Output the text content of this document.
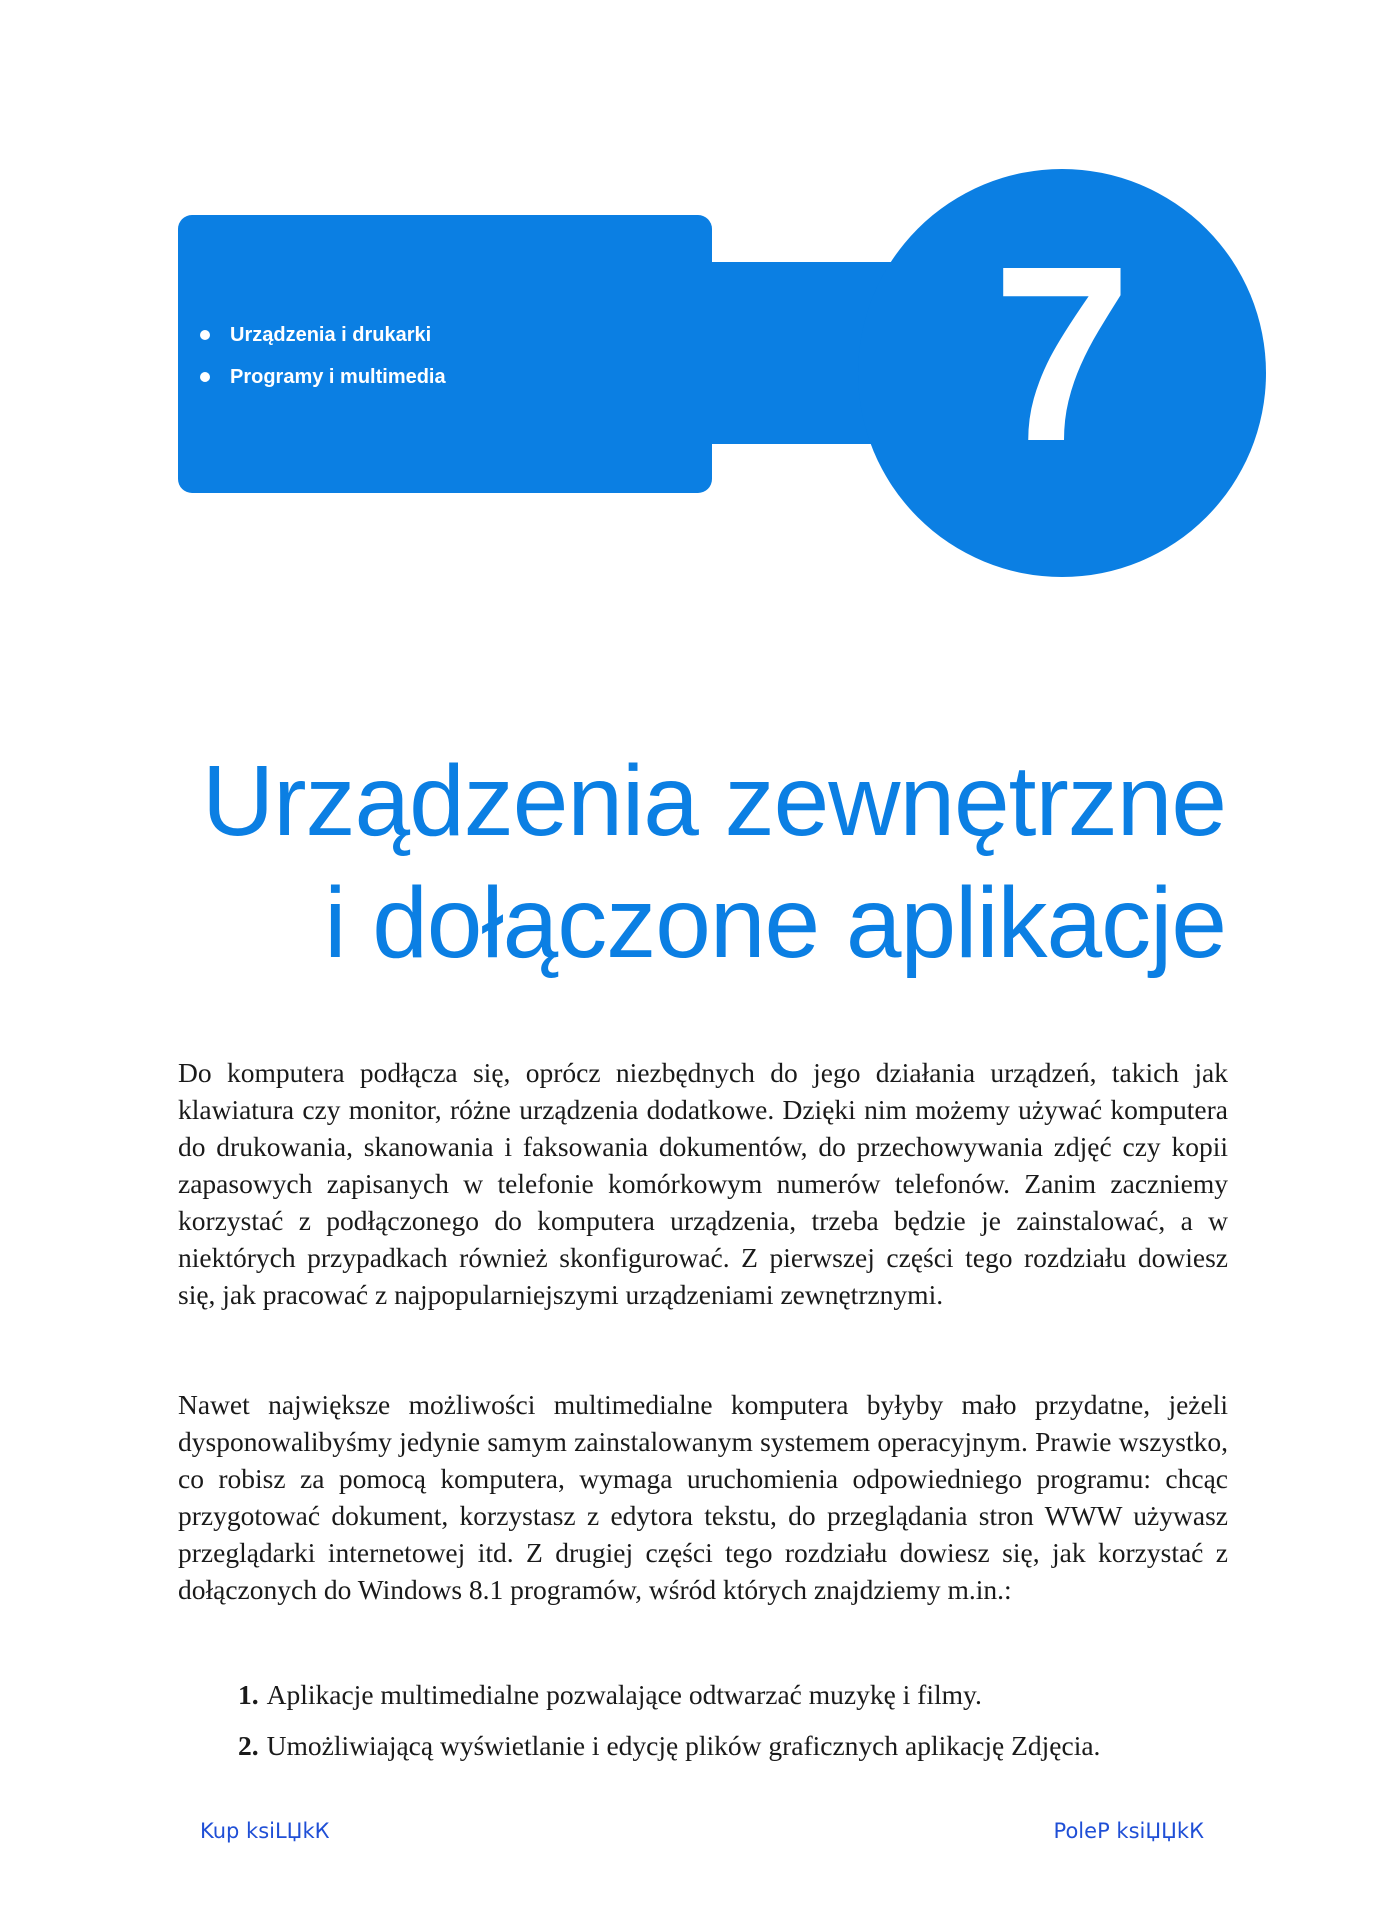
7
Urządzenia i drukarki
Programy i multimedia
Urządzenia zewnętrzne
i dołączone aplikacje

Do komputera podłącza się, oprócz niezbędnych do jego działania urządzeń, takich jak klawiatura czy monitor, różne urządzenia dodatkowe. Dzięki nim możemy używać komputera do drukowania, skanowania i faksowania dokumentów, do przechowywania zdjęć czy kopii zapasowych zapisanych w telefonie komórkowym numerów telefonów. Zanim zaczniemy korzystać z podłączonego do komputera urządzenia, trzeba będzie je zainstalować, a w niektórych przypadkach również skonfigurować. Z pierwszej części tego rozdziału dowiesz się, jak pracować z najpopularniejszymi urządzeniami zewnętrznymi.

Nawet największe możliwości multimedialne komputera byłyby mało przydatne, jeżeli dysponowalibyśmy jedynie samym zainstalowanym systemem operacyjnym. Prawie wszystko, co robisz za pomocą komputera, wymaga uruchomienia odpowiedniego programu: chcąc przygotować dokument, korzystasz z edytora tekstu, do przeglądania stron WWW używasz przeglądarki internetowej itd. Z drugiej części tego rozdziału dowiesz się, jak korzystać z dołączonych do Windows 8.1 programów, wśród których znajdziemy m.in.:

1. Aplikacje multimedialne pozwalające odtwarzać muzykę i filmy.
2. Umożliwiającą wyświetlanie i edycję plików graficznych aplikację Zdjęcia.
Kup ksiLЏkК	PoleР ksiЏЏkК
